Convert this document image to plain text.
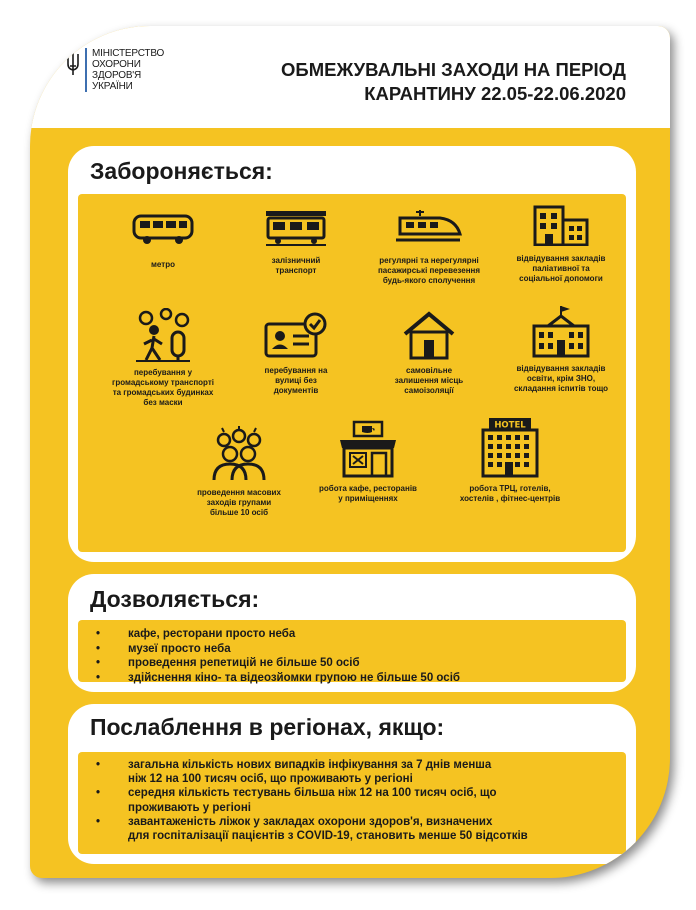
МІНІСТЕРСТВО
ОХОРОНИ
ЗДОРОВ'Я
УКРАЇНИ
ОБМЕЖУВАЛЬНІ ЗАХОДИ НА ПЕРІОД
КАРАНТИНУ 22.05-22.06.2020
Забороняється:
метро	залізничний
транспорт
регулярні та нерегулярні
пасажирські перевезення
будь-якого сполучення
відвідування закладів
паліативної та
соціальної допомоги
перебування у
громадському транспорті
та громадських будинках
без маски
перебування на
вулиці без
документів
самовільне
залишення місць
самоізоляції
відвідування закладів
освіти, крім ЗНО,
складання іспитів тощо
проведення масових
заходів групами
більше 10 осіб
робота кафе, ресторанів
у приміщеннях
HOTEL
робота ТРЦ, готелів,
хостелів , фітнес-центрів
Дозволяється:
• кафе, ресторани просто неба
• музеї просто неба
• проведення репетицій не більше 50 осіб
• здійснення кіно- та відеозйомки групою не більше 50 осіб
Послаблення в регіонах, якщо:
• загальна кількість нових випадків інфікування за 7 днів менша
ніж 12 на 100 тисяч осіб, що проживають у регіоні
• середня кількість тестувань більша ніж 12 на 100 тисяч осіб, що
проживають у регіоні
• завантаженість ліжок у закладах охорони здоров'я, визначених
для госпіталізації пацієнтів з COVID-19, становить менше 50 відсотків
